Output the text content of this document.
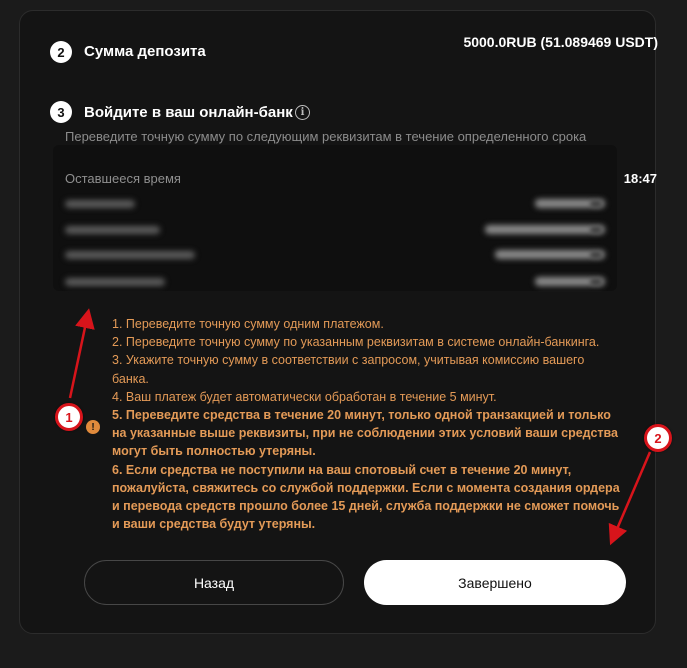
2	Сумма депозита
5000.0RUB (51.089469 USDT)
3	Войдите в ваш онлайн-банк i
Переведите точную сумму по следующим реквизитам в течение определенного срока
Оставшееся время	18:47
!
1. Переведите точную сумму одним платежом.
2. Переведите точную сумму по указанным реквизитам в системе онлайн-банкинга.
3. Укажите точную сумму в соответствии с запросом, учитывая комиссию вашего банка.
4. Ваш платеж будет автоматически обработан в течение 5 минут.
5. Переведите средства в течение 20 минут, только одной транзакцией и только на указанные выше реквизиты, при не соблюдении этих условий ваши средства могут быть полностью утеряны.
6. Если средства не поступили на ваш спотовый счет в течение 20 минут, пожалуйста, свяжитесь со службой поддержки. Если с момента создания ордера и перевода средств прошло более 15 дней, служба поддержки не сможет помочь и ваши средства будут утеряны.
Назад	Завершено
1
2
